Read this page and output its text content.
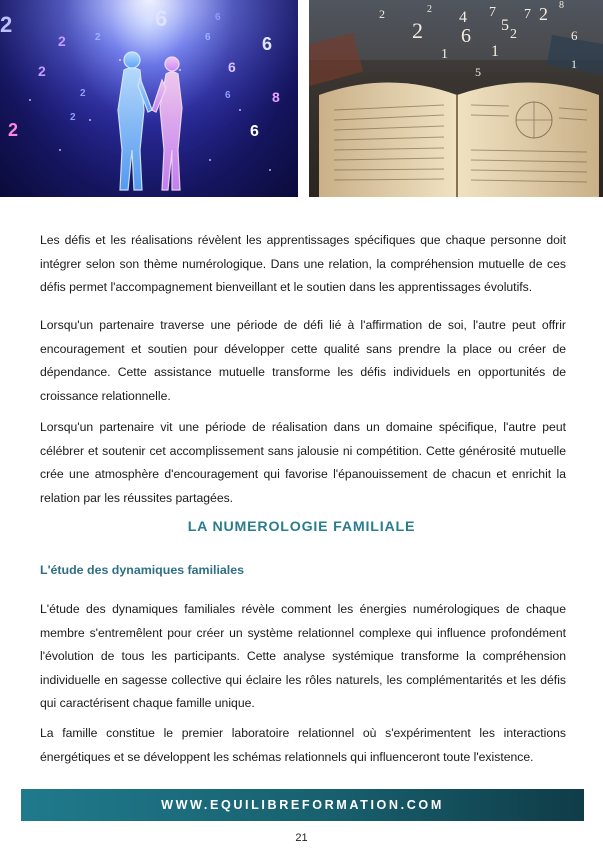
2	6
2	6
2	6
8
2	6
2	6
2	6
2
6	4 7 7 2
5
2
1
6
1
2	6
2
1
5
2	8

Les défis et les réalisations révèlent les apprentissages spécifiques que chaque personne doit intégrer selon son thème numérologique. Dans une relation, la compréhension mutuelle de ces défis permet l'accompagnement bienveillant et le soutien dans les apprentissages évolutifs.

Lorsqu'un partenaire traverse une période de défi lié à l'affirmation de soi, l'autre peut offrir encouragement et soutien pour développer cette qualité sans prendre la place ou créer de dépendance. Cette assistance mutuelle transforme les défis individuels en opportunités de croissance relationnelle.

Lorsqu'un partenaire vit une période de réalisation dans un domaine spécifique, l'autre peut célébrer et soutenir cet accomplissement sans jalousie ni compétition. Cette générosité mutuelle crée une atmosphère d'encouragement qui favorise l'épanouissement de chacun et enrichit la relation par les réussites partagées.

LA NUMEROLOGIE FAMILIALE
L'étude des dynamiques familiales

L'étude des dynamiques familiales révèle comment les énergies numérologiques de chaque membre s'entremêlent pour créer un système relationnel complexe qui influence profondément l'évolution de tous les participants. Cette analyse systémique transforme la compréhension individuelle en sagesse collective qui éclaire les rôles naturels, les complémentarités et les défis qui caractérisent chaque famille unique.

La famille constitue le premier laboratoire relationnel où s'expérimentent les interactions énergétiques et se développent les schémas relationnels qui influenceront toute l'existence.

WWW.EQUILIBREFORMATION.COM
21
